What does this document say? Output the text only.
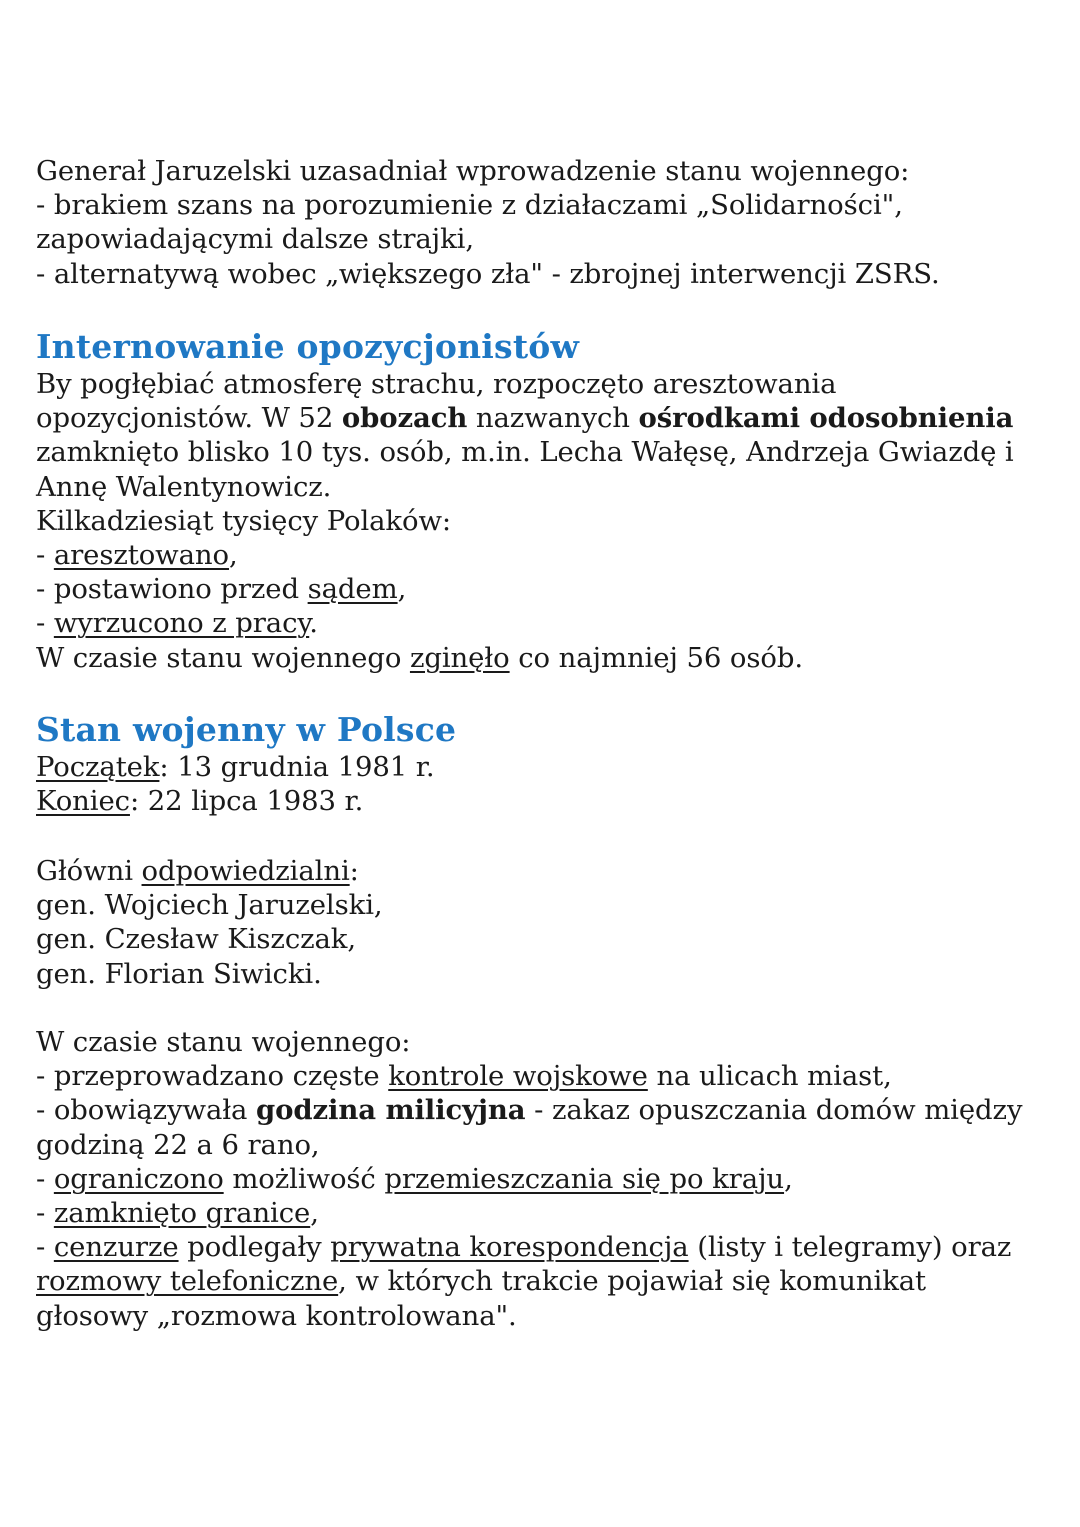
Generał Jaruzelski uzasadniał wprowadzenie stanu wojennego:

- brakiem szans na porozumienie z działaczami „Solidarności",

zapowiadającymi dalsze strajki,

- alternatywą wobec „większego zła" - zbrojnej interwencji ZSRS.

Internowanie opozycjonistów

By pogłębiać atmosferę strachu, rozpoczęto aresztowania

opozycjonistów. W 52 obozach nazwanych ośrodkami odosobnienia

zamknięto blisko 10 tys. osób, m.in. Lecha Wałęsę, Andrzeja Gwiazdę i

Annę Walentynowicz.

Kilkadziesiąt tysięcy Polaków:

- aresztowano,

- postawiono przed sądem,

- wyrzucono z pracy.

W czasie stanu wojennego zginęło co najmniej 56 osób.

Stan wojenny w Polsce

Początek: 13 grudnia 1981 r.

Koniec: 22 lipca 1983 r.

Główni odpowiedzialni:

gen. Wojciech Jaruzelski,

gen. Czesław Kiszczak,

gen. Florian Siwicki.

W czasie stanu wojennego:

- przeprowadzano częste kontrole wojskowe na ulicach miast,

- obowiązywała godzina milicyjna - zakaz opuszczania domów między

godziną 22 a 6 rano,

- ograniczono możliwość przemieszczania się po kraju,

- zamknięto granice,

- cenzurze podlegały prywatna korespondencja (listy i telegramy) oraz

rozmowy telefoniczne, w których trakcie pojawiał się komunikat

głosowy „rozmowa kontrolowana".
